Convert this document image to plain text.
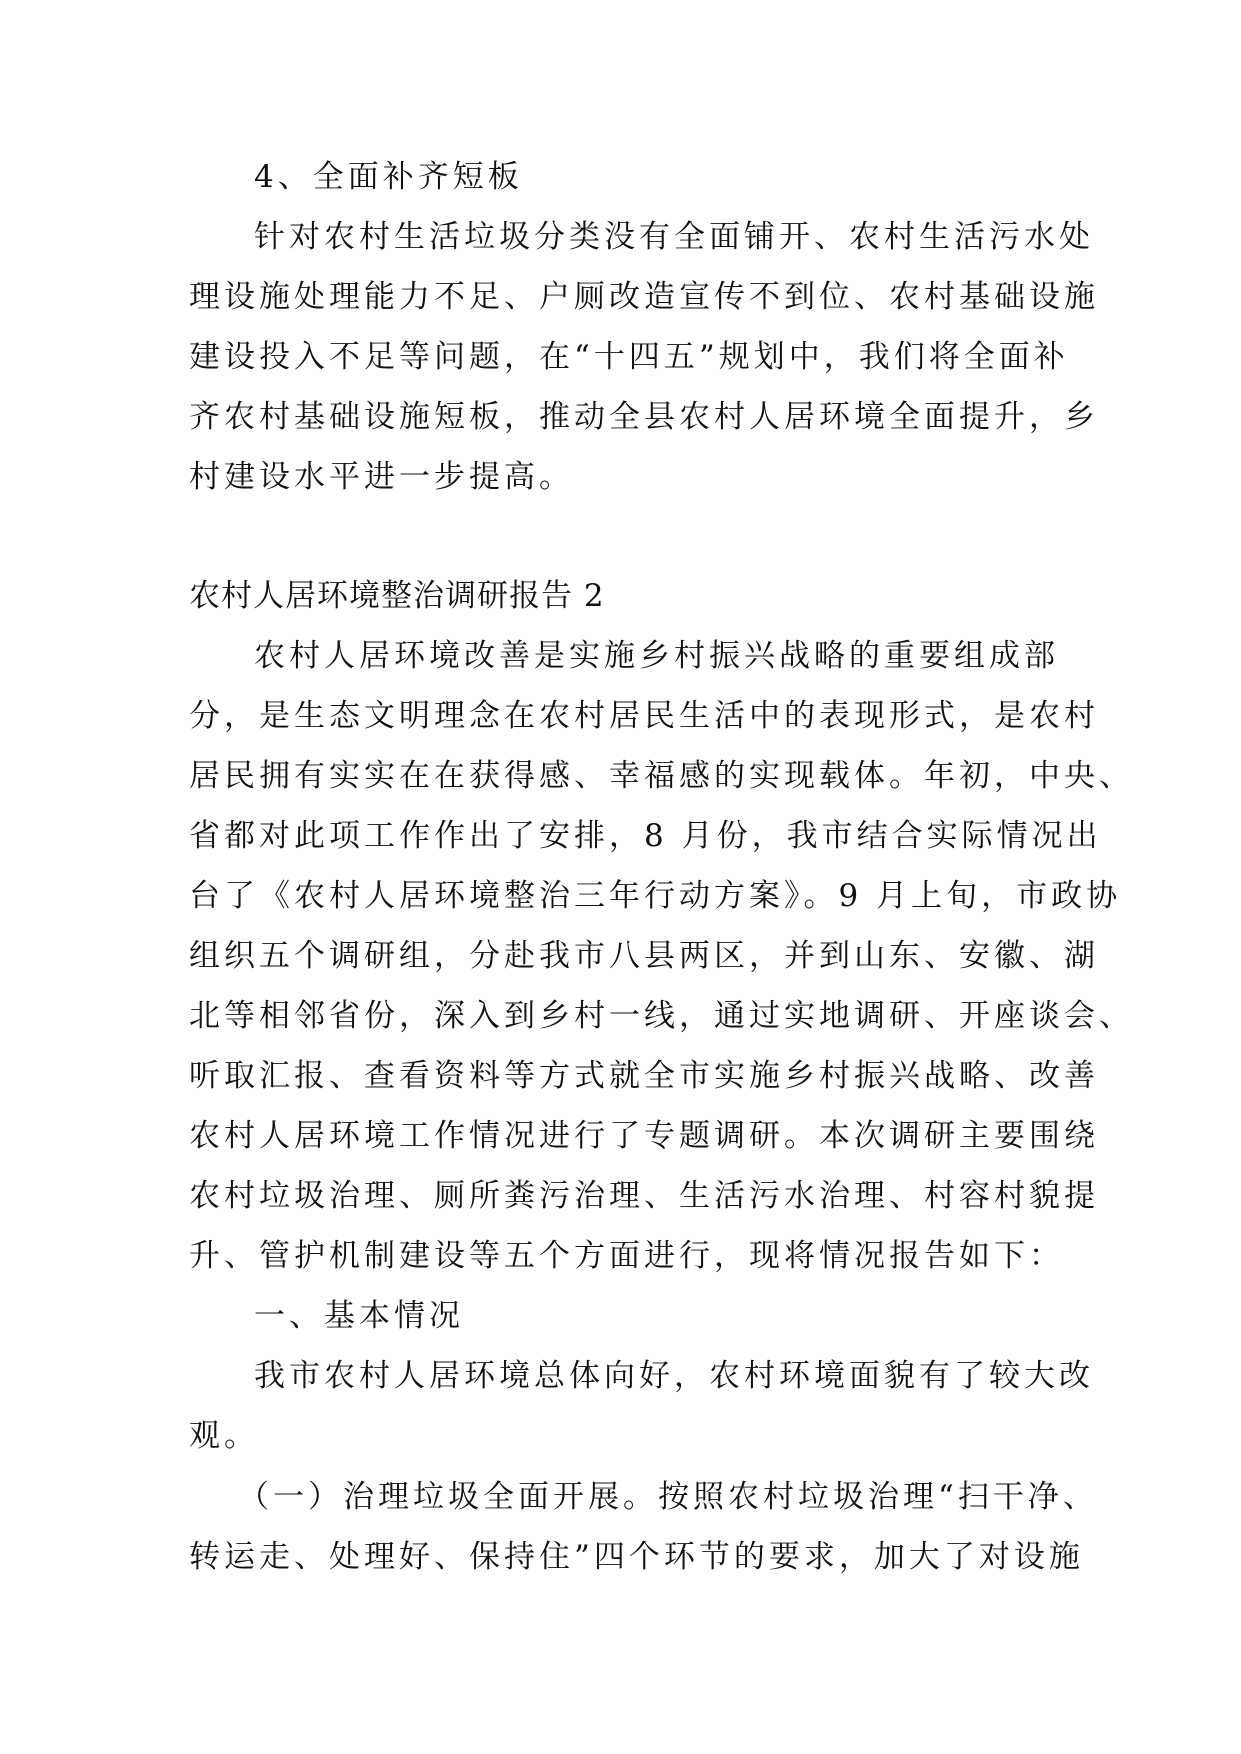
4、全面补齐短板
针对农村生活垃圾分类没有全面铺开、农村生活污水处
理设施处理能力不足、户厕改造宣传不到位、农村基础设施
建设投入不足等问题，在“十四五”规划中，我们将全面补
齐农村基础设施短板，推动全县农村人居环境全面提升，乡
村建设水平进一步提高。
农村人居环境整治调研报告 2
农村人居环境改善是实施乡村振兴战略的重要组成部
分，是生态文明理念在农村居民生活中的表现形式，是农村
居民拥有实实在在获得感、幸福感的实现载体。年初，中央、
省都对此项工作作出了安排，8 月份，我市结合实际情况出
台了《农村人居环境整治三年行动方案》。9 月上旬，市政协
组织五个调研组，分赴我市八县两区，并到山东、安徽、湖
北等相邻省份，深入到乡村一线，通过实地调研、开座谈会、
听取汇报、查看资料等方式就全市实施乡村振兴战略、改善
农村人居环境工作情况进行了专题调研。本次调研主要围绕
农村垃圾治理、厕所粪污治理、生活污水治理、村容村貌提
升、管护机制建设等五个方面进行，现将情况报告如下：
一、基本情况
我市农村人居环境总体向好，农村环境面貌有了较大改
观。
（一）治理垃圾全面开展。按照农村垃圾治理“扫干净、
转运走、处理好、保持住”四个环节的要求，加大了对设施
